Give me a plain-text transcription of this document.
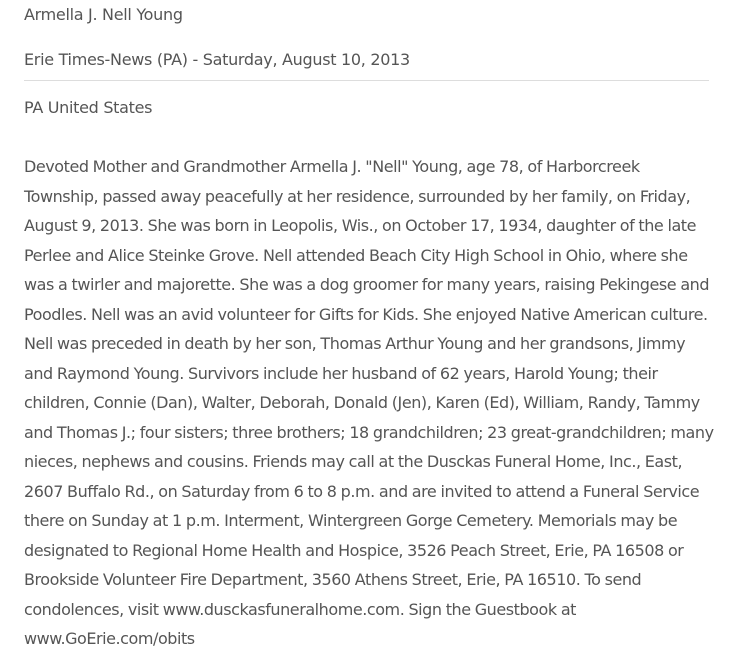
Armella J. Nell Young
Erie Times-News (PA) - Saturday, August 10, 2013
PA United States

Devoted Mother and Grandmother Armella J. "Nell" Young, age 78, of Harborcreek Township, passed away peacefully at her residence, surrounded by her family, on Friday, August 9, 2013. She was born in Leopolis, Wis., on October 17, 1934, daughter of the late Perlee and Alice Steinke Grove. Nell attended Beach City High School in Ohio, where she was a twirler and majorette. She was a dog groomer for many years, raising Pekingese and Poodles. Nell was an avid volunteer for Gifts for Kids. She enjoyed Native American culture. Nell was preceded in death by her son, Thomas Arthur Young and her grandsons, Jimmy and Raymond Young. Survivors include her husband of 62 years, Harold Young; their children, Connie (Dan), Walter, Deborah, Donald (Jen), Karen (Ed), William, Randy, Tammy and Thomas J.; four sisters; three brothers; 18 grandchildren; 23 great-grandchildren; many nieces, nephews and cousins. Friends may call at the Dusckas Funeral Home, Inc., East, 2607 Buffalo Rd., on Saturday from 6 to 8 p.m. and are invited to attend a Funeral Service there on Sunday at 1 p.m. Interment, Wintergreen Gorge Cemetery. Memorials may be designated to Regional Home Health and Hospice, 3526 Peach Street, Erie, PA 16508 or Brookside Volunteer Fire Department, 3560 Athens Street, Erie, PA 16510. To send condolences, visit www.dusckasfuneralhome.com. Sign the Guestbook at www.GoErie.com/obits
